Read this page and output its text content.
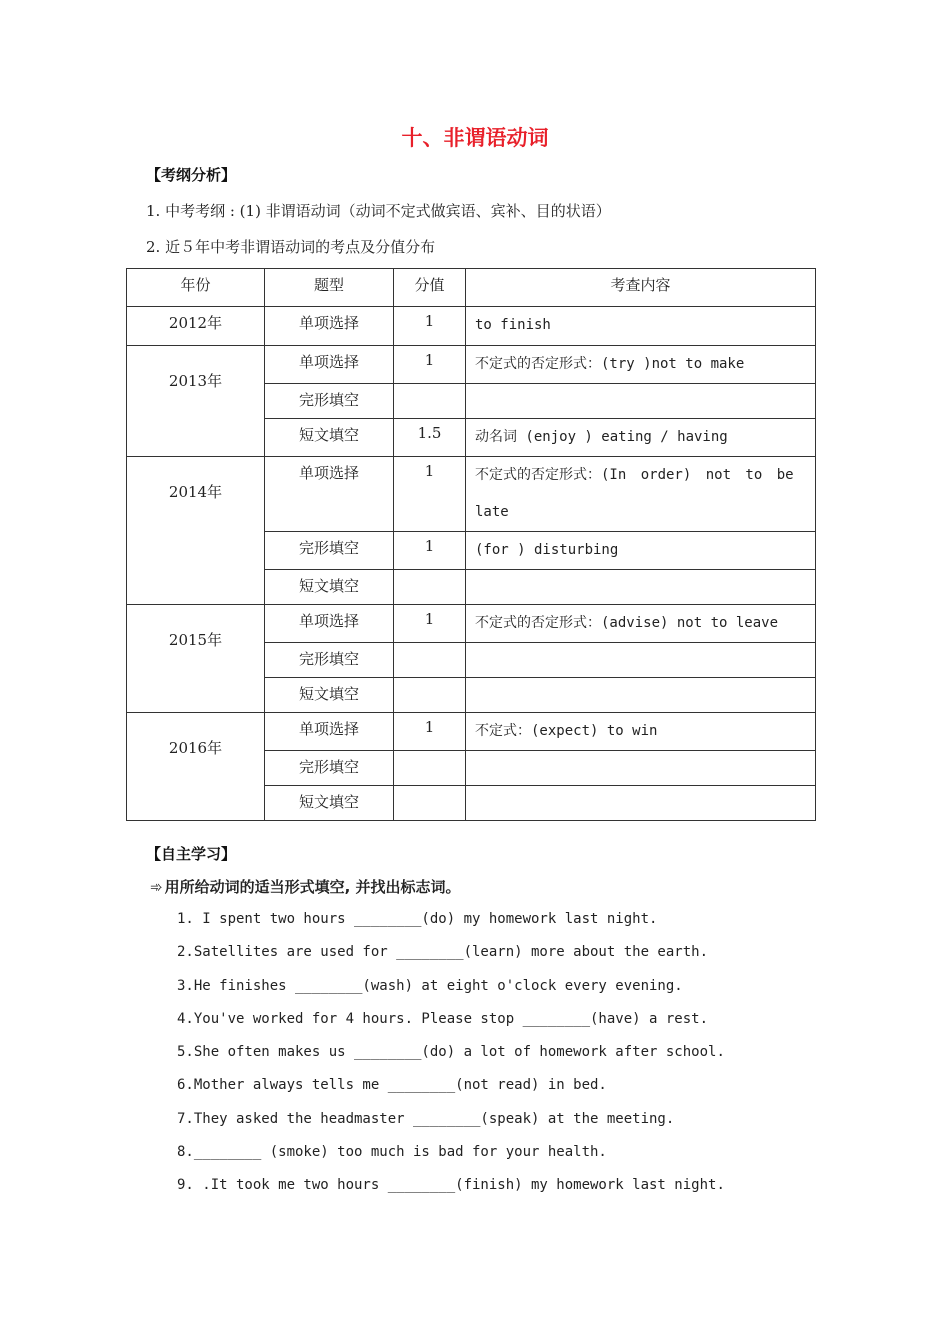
十、非谓语动词
【考纲分析】
1. 中考考纲 : (1) 非谓语动词（动词不定式做宾语、宾补、目的状语）
2. 近５年中考非谓语动词的考点及分值分布
年份	题型	分值	考查内容
2012年	单项选择	1	to finish
2013年	单项选择	1	不定式的否定形式：(try )not to make
	完形填空		
	短文填空	1.5	动名词 (enjoy ) eating / having
2014年	单项选择	1	不定式的否定形式：(In order) not to be late
	完形填空	1	(for ) disturbing
	短文填空		
2015年	单项选择	1	不定式的否定形式：(advise) not to leave
	完形填空		
	短文填空		
2016年	单项选择	1	不定式：(expect) to win
	完形填空		
	短文填空		
【自主学习】
➾ 用所给动词的适当形式填空, 并找出标志词。
1. I spent two hours ________(do) my homework last night.
2.Satellites are used for ________(learn) more about the earth.
3.He finishes ________(wash) at eight o'clock every evening.
4.You've worked for 4 hours. Please stop ________(have) a rest.
5.She often makes us ________(do) a lot of homework after school.
6.Mother always tells me ________(not read) in bed.
7.They asked the headmaster ________(speak) at the meeting.
8.________ (smoke) too much is bad for your health.
9. .It took me two hours ________(finish) my homework last night.
